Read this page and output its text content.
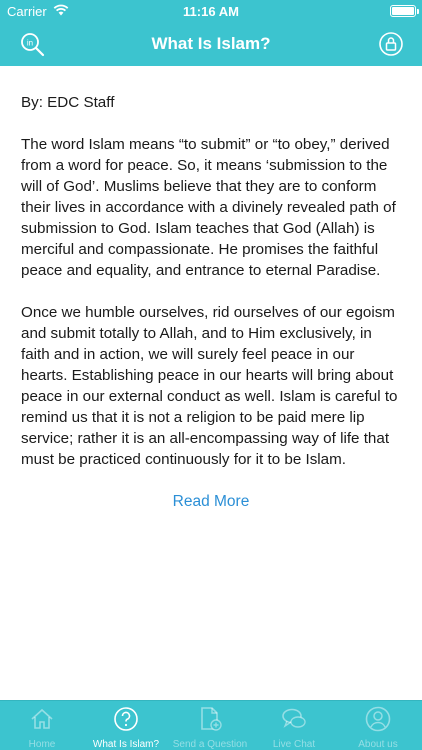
Carrier	11:16 AM
in	What Is Islam?

By: EDC Staff

The word Islam means “to submit” or “to obey,” derived from a word for peace. So, it means ‘submission to the will of God’. Muslims believe that they are to conform their lives in accordance with a divinely revealed path of submission to God. Islam teaches that God (Allah) is merciful and compassionate. He promises the faithful peace and equality, and entrance to eternal Paradise.

Once we humble ourselves, rid ourselves of our egoism and submit totally to Allah, and to Him exclusively, in faith and in action, we will surely feel peace in our hearts. Establishing peace in our hearts will bring about peace in our external conduct as well. Islam is careful to remind us that it is not a religion to be paid mere lip service; rather it is an all-encompassing way of life that must be practiced continuously for it to be Islam.

Read More
Home	What Is Islam?	Send a Question	Live Chat	About us
